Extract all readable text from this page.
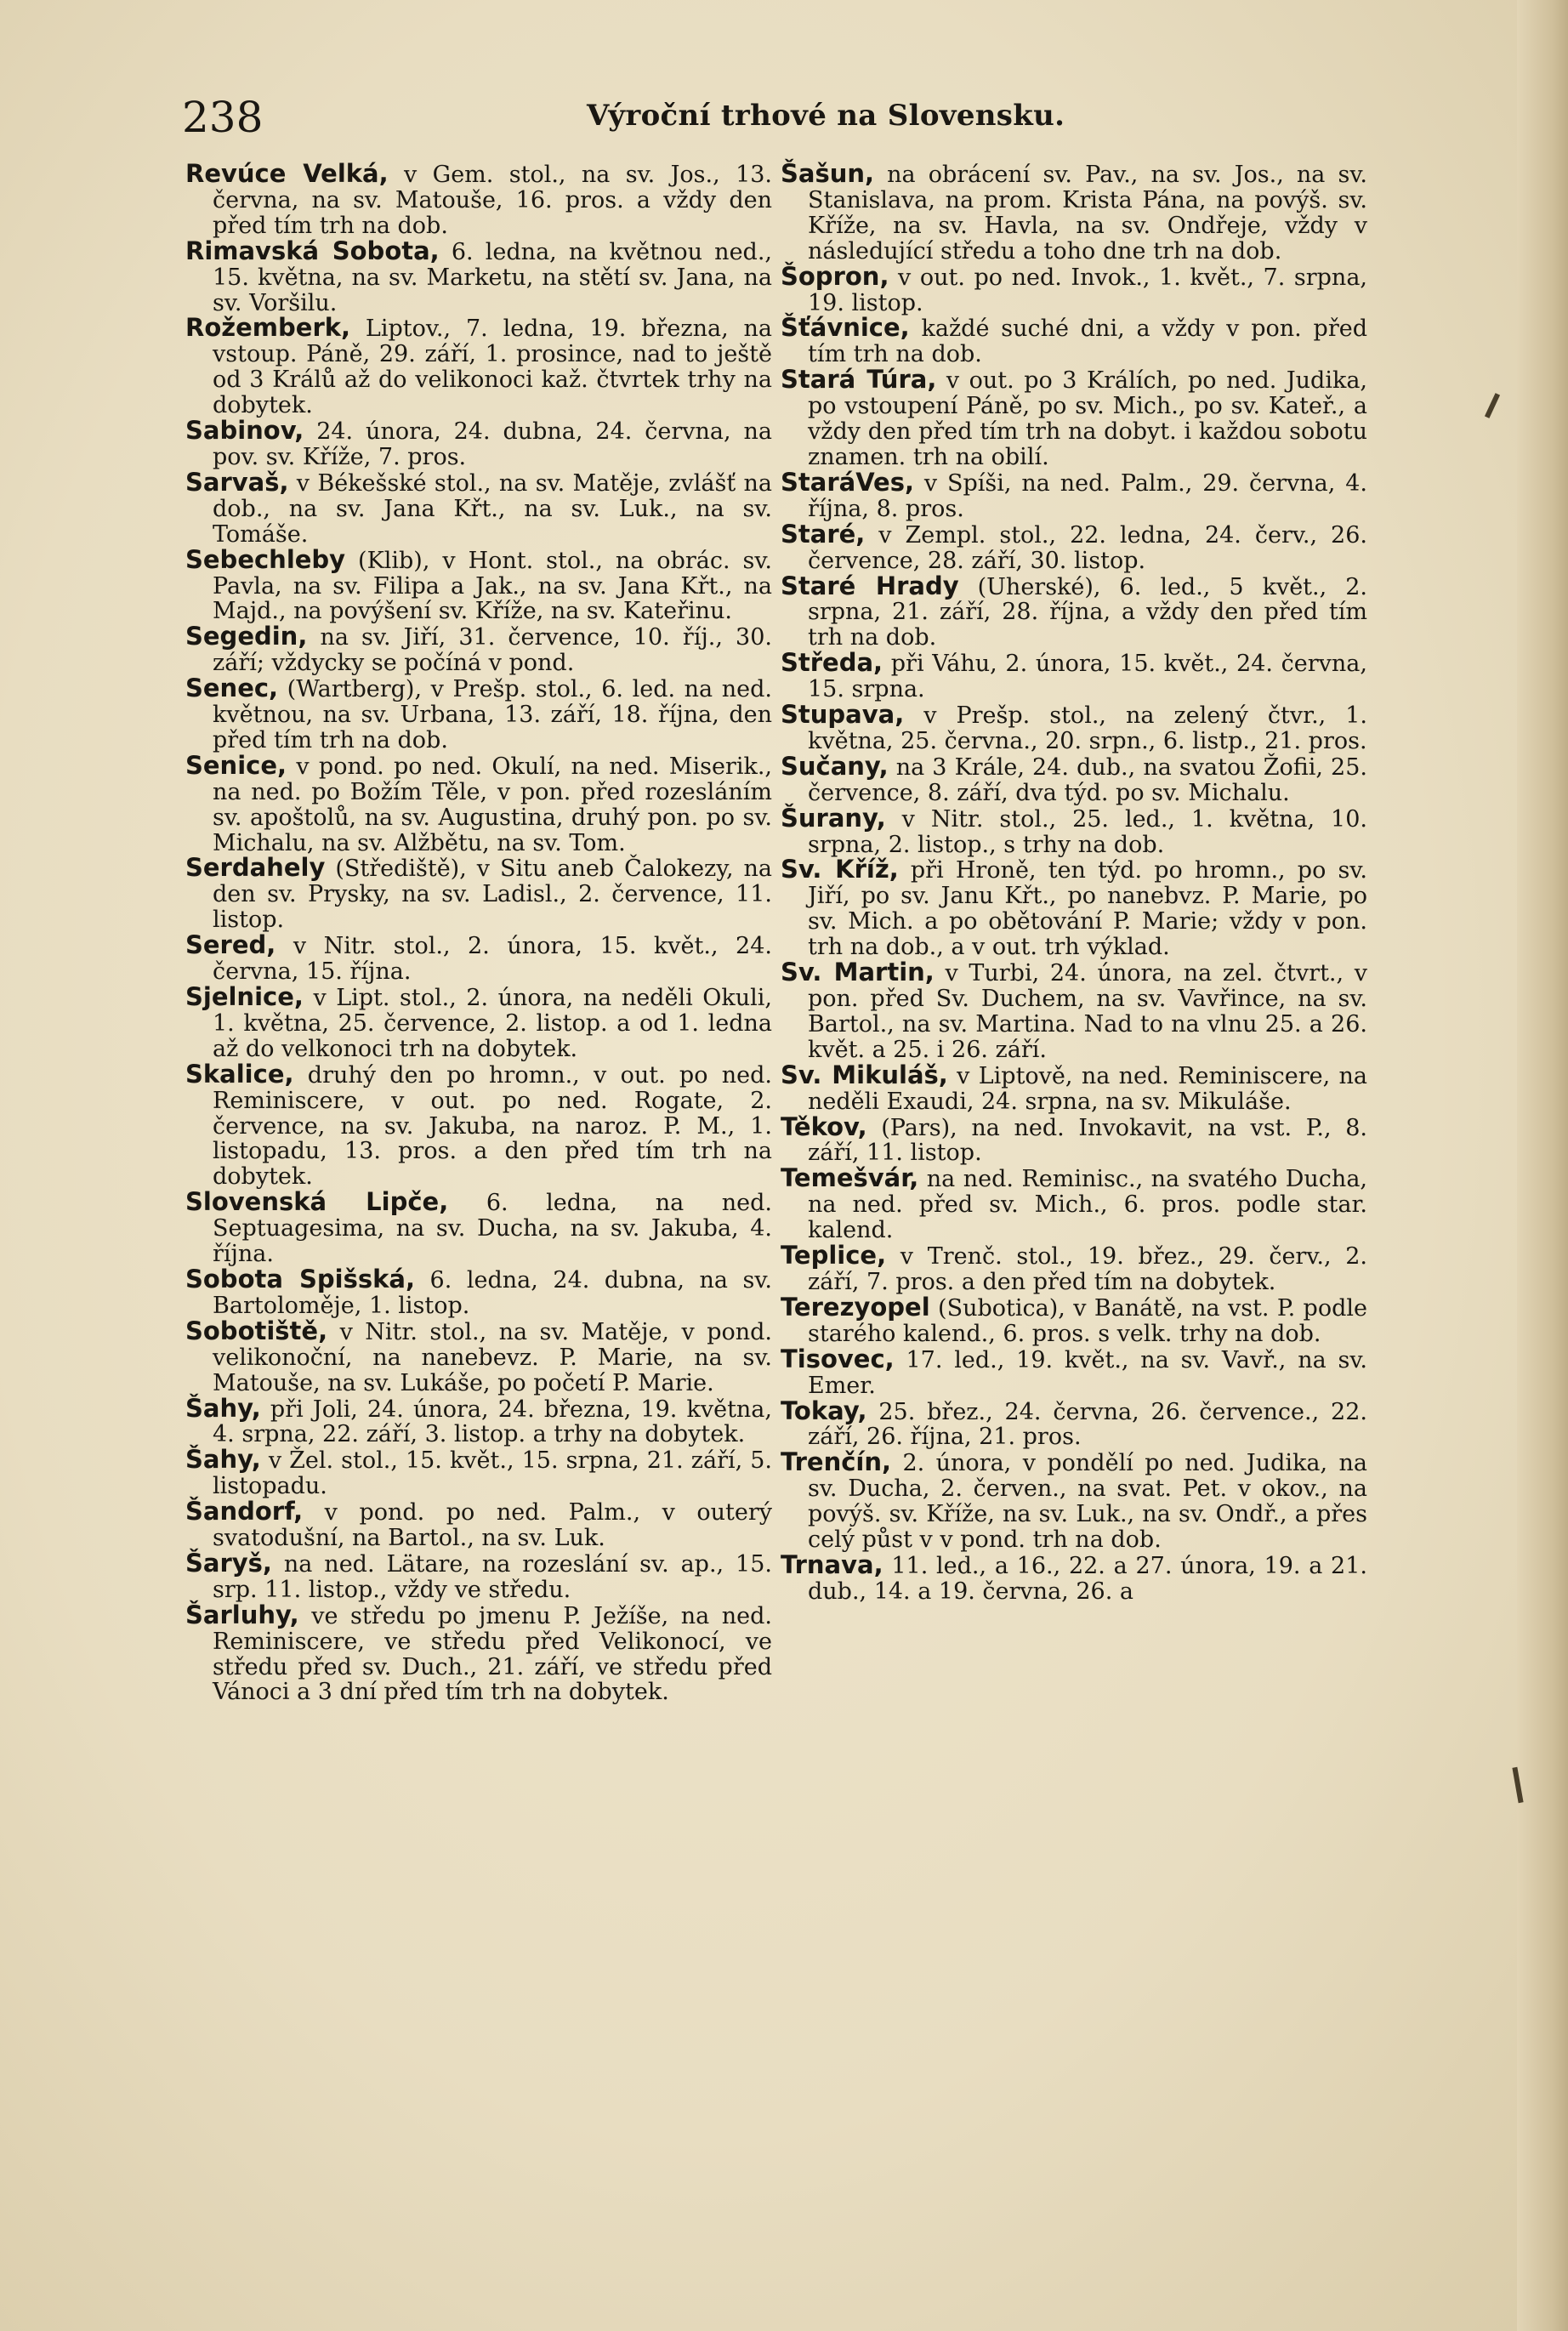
238	Výroční trhové na Slovensku.

Revúce Velká, v Gem. stol., na sv. Jos., 13. června, na sv. Matouše, 16. pros. a vždy den před tím trh na dob.

Rimavská Sobota, 6. ledna, na květnou ned., 15. května, na sv. Marketu, na stětí sv. Jana, na sv. Voršilu.

Rožemberk, Liptov., 7. ledna, 19. března, na vstoup. Páně, 29. září, 1. prosince, nad to ještě od 3 Králů až do velikonoci kaž. čtvrtek trhy na dobytek.

Sabinov, 24. února, 24. dubna, 24. června, na pov. sv. Kříže, 7. pros.

Sarvaš, v Békešské stol., na sv. Matěje, zvlášť na dob., na sv. Jana Křt., na sv. Luk., na sv. Tomáše.

Sebechleby (Klib), v Hont. stol., na obrác. sv. Pavla, na sv. Filipa a Jak., na sv. Jana Křt., na Majd., na povýšení sv. Kříže, na sv. Kateřinu.

Segedin, na sv. Jiří, 31. července, 10. říj., 30. září; vždycky se počíná v pond.

Senec, (Wartberg), v Prešp. stol., 6. led. na ned. květnou, na sv. Urbana, 13. září, 18. října, den před tím trh na dob.

Senice, v pond. po ned. Okulí, na ned. Miserik., na ned. po Božím Těle, v pon. před rozesláním sv. apoštolů, na sv. Augustina, druhý pon. po sv. Michalu, na sv. Alžbětu, na sv. Tom.

Serdahely (Střediště), v Situ aneb Čalokezy, na den sv. Prysky, na sv. Ladisl., 2. července, 11. listop.

Sered, v Nitr. stol., 2. února, 15. květ., 24. června, 15. října.

Sjelnice, v Lipt. stol., 2. února, na neděli Okuli, 1. května, 25. července, 2. listop. a od 1. ledna až do velkonoci trh na dobytek.

Skalice, druhý den po hromn., v out. po ned. Reminiscere, v out. po ned. Rogate, 2. července, na sv. Jakuba, na naroz. P. M., 1. listopadu, 13. pros. a den před tím trh na dobytek.

Slovenská Lipče, 6. ledna, na ned. Septuagesima, na sv. Ducha, na sv. Jakuba, 4. října.

Sobota Spišská, 6. ledna, 24. dubna, na sv. Bartoloměje, 1. listop.

Sobotiště, v Nitr. stol., na sv. Matěje, v pond. velikonoční, na nanebevz. P. Marie, na sv. Matouše, na sv. Lukáše, po početí P. Marie.

Šahy, při Joli, 24. února, 24. března, 19. května, 4. srpna, 22. září, 3. listop. a trhy na dobytek.

Šahy, v Žel. stol., 15. květ., 15. srpna, 21. září, 5. listopadu.

Šandorf, v pond. po ned. Palm., v outerý svatodušní, na Bartol., na sv. Luk.

Šaryš, na ned. Lätare, na rozeslání sv. ap., 15. srp. 11. listop., vždy ve středu.

Šarluhy, ve středu po jmenu P. Ježíše, na ned. Reminiscere, ve středu před Velikonocí, ve středu před sv. Duch., 21. září, ve středu před Vánoci a 3 dní před tím trh na dobytek.

Šašun, na obrácení sv. Pav., na sv. Jos., na sv. Stanislava, na prom. Krista Pána, na povýš. sv. Kříže, na sv. Havla, na sv. Ondřeje, vždy v následující středu a toho dne trh na dob.

Šopron, v out. po ned. Invok., 1. květ., 7. srpna, 19. listop.

Šťávnice, každé suché dni, a vždy v pon. před tím trh na dob.

Stará Túra, v out. po 3 Králích, po ned. Judika, po vstoupení Páně, po sv. Mich., po sv. Kateř., a vždy den před tím trh na dobyt. i každou sobotu znamen. trh na obilí.

StaráVes, v Spíši, na ned. Palm., 29. června, 4. října, 8. pros.

Staré, v Zempl. stol., 22. ledna, 24. červ., 26. července, 28. září, 30. listop.

Staré Hrady (Uherské), 6. led., 5 květ., 2. srpna, 21. září, 28. října, a vždy den před tím trh na dob.

Středa, při Váhu, 2. února, 15. květ., 24. června, 15. srpna.

Stupava, v Prešp. stol., na zelený čtvr., 1. května, 25. června., 20. srpn., 6. listp., 21. pros.

Sučany, na 3 Krále, 24. dub., na svatou Žofii, 25. července, 8. září, dva týd. po sv. Michalu.

Šurany, v Nitr. stol., 25. led., 1. května, 10. srpna, 2. listop., s trhy na dob.

Sv. Kříž, při Hroně, ten týd. po hromn., po sv. Jiří, po sv. Janu Křt., po nanebvz. P. Marie, po sv. Mich. a po obětování P. Marie; vždy v pon. trh na dob., a v out. trh výklad.

Sv. Martin, v Turbi, 24. února, na zel. čtvrt., v pon. před Sv. Duchem, na sv. Vavřince, na sv. Bartol., na sv. Martina. Nad to na vlnu 25. a 26. květ. a 25. i 26. září.

Sv. Mikuláš, v Liptově, na ned. Reminiscere, na neděli Exaudi, 24. srpna, na sv. Mikuláše.

Těkov, (Pars), na ned. Invokavit, na vst. P., 8. září, 11. listop.

Temešvár, na ned. Reminisc., na svatého Ducha, na ned. před sv. Mich., 6. pros. podle star. kalend.

Teplice, v Trenč. stol., 19. břez., 29. červ., 2. září, 7. pros. a den před tím na dobytek.

Terezyopel (Subotica), v Banátě, na vst. P. podle starého kalend., 6. pros. s velk. trhy na dob.

Tisovec, 17. led., 19. květ., na sv. Vavř., na sv. Emer.

Tokay, 25. břez., 24. června, 26. července., 22. září, 26. října, 21. pros.

Trenčín, 2. února, v pondělí po ned. Judika, na sv. Ducha, 2. červen., na svat. Pet. v okov., na povýš. sv. Kříže, na sv. Luk., na sv. Ondř., a přes celý půst v v pond. trh na dob.

Trnava, 11. led., a 16., 22. a 27. února, 19. a 21. dub., 14. a 19. června, 26. a
